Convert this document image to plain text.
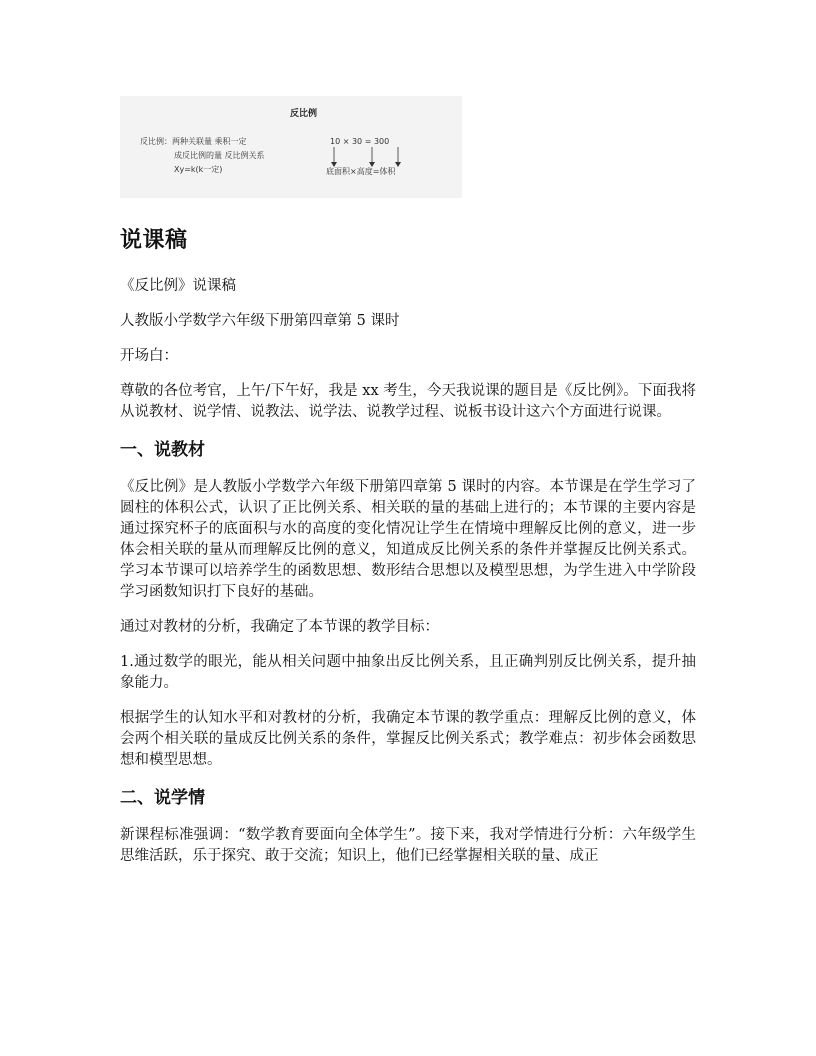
反比例
反比例：两种关联量 乘积一定
成反比例的量 反比例关系
Xy=k(k一定)
10 × 30 = 300
底面积×高度=体积
说课稿

《反比例》说课稿

人教版小学数学六年级下册第四章第 5 课时

开场白：

尊敬的各位考官，上午/下午好，我是 xx 考生，今天我说课的题目是《反比例》。下面我将从说教材、说学情、说教法、说学法、说教学过程、说板书设计这六个方面进行说课。

一、说教材

《反比例》是人教版小学数学六年级下册第四章第 5 课时的内容。本节课是在学生学习了圆柱的体积公式，认识了正比例关系、相关联的量的基础上进行的；本节课的主要内容是通过探究杯子的底面积与水的高度的变化情况让学生在情境中理解反比例的意义，进一步体会相关联的量从而理解反比例的意义，知道成反比例关系的条件并掌握反比例关系式。学习本节课可以培养学生的函数思想、数形结合思想以及模型思想，为学生进入中学阶段学习函数知识打下良好的基础。

通过对教材的分析，我确定了本节课的教学目标：

1.通过数学的眼光，能从相关问题中抽象出反比例关系，且正确判别反比例关系，提升抽象能力。

根据学生的认知水平和对教材的分析，我确定本节课的教学重点：理解反比例的意义，体会两个相关联的量成反比例关系的条件，掌握反比例关系式；教学难点：初步体会函数思想和模型思想。

二、说学情

新课程标准强调：“数学教育要面向全体学生”。接下来，我对学情进行分析：六年级学生思维活跃，乐于探究、敢于交流；知识上，他们已经掌握相关联的量、成正
